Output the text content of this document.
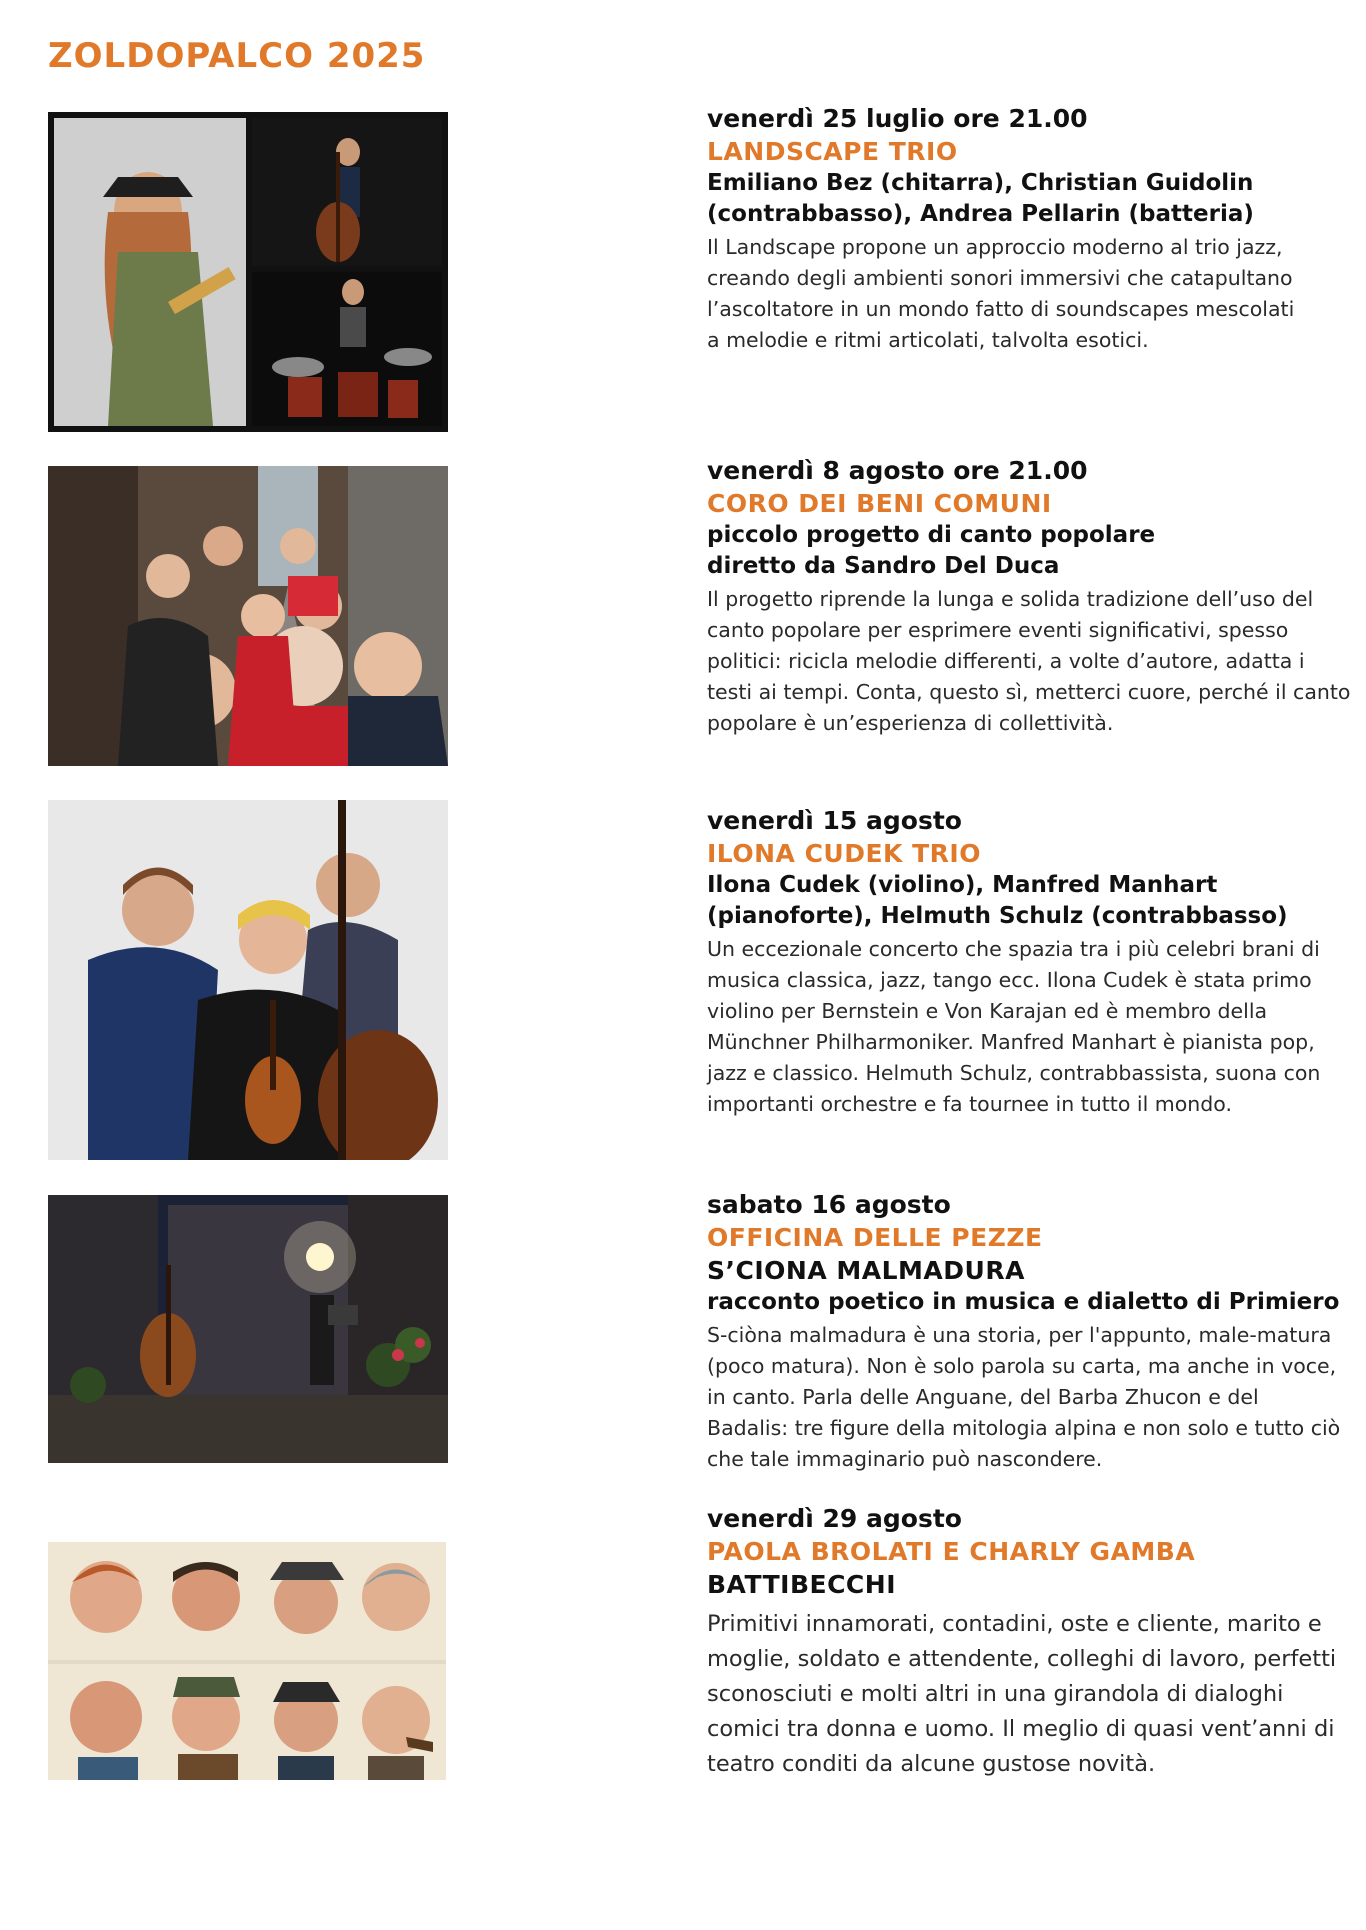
ZOLDOPALCO 2025
venerdì 25 luglio ore 21.00
LANDSCAPE TRIO
Emiliano Bez (chitarra), Christian Guidolin
(contrabbasso), Andrea Pellarin (batteria)
Il Landscape propone un approccio moderno al trio jazz,
creando degli ambienti sonori immersivi che catapultano
l’ascoltatore in un mondo fatto di soundscapes mescolati
a melodie e ritmi articolati, talvolta esotici.
venerdì 8 agosto ore 21.00
CORO DEI BENI COMUNI
piccolo progetto di canto popolare
diretto da Sandro Del Duca
Il progetto riprende la lunga e solida tradizione dell’uso del
canto popolare per esprimere eventi significativi, spesso
politici: ricicla melodie differenti, a volte d’autore, adatta i
testi ai tempi. Conta, questo sì, metterci cuore, perché il canto
popolare è un’esperienza di collettività.
venerdì 15 agosto
ILONA CUDEK TRIO
Ilona Cudek (violino), Manfred Manhart
(pianoforte), Helmuth Schulz (contrabbasso)
Un eccezionale concerto che spazia tra i più celebri brani di
musica classica, jazz, tango ecc. Ilona Cudek è stata primo
violino per Bernstein e Von Karajan ed è membro della
Münchner Philharmoniker. Manfred Manhart è pianista pop,
jazz e classico. Helmuth Schulz, contrabbassista, suona con
importanti orchestre e fa tournee in tutto il mondo.
sabato 16 agosto
OFFICINA DELLE PEZZE
S’CIONA MALMADURA
racconto poetico in musica e dialetto di Primiero
S-ciòna malmadura è una storia, per l'appunto, male-matura
(poco matura). Non è solo parola su carta, ma anche in voce,
in canto. Parla delle Anguane, del Barba Zhucon e del
Badalis: tre figure della mitologia alpina e non solo e tutto ciò
che tale immaginario può nascondere.
venerdì 29 agosto
PAOLA BROLATI E CHARLY GAMBA
BATTIBECCHI
Primitivi innamorati, contadini, oste e cliente, marito e
moglie, soldato e attendente, colleghi di lavoro, perfetti
sconosciuti e molti altri in una girandola di dialoghi
comici tra donna e uomo. Il meglio di quasi vent’anni di
teatro conditi da alcune gustose novità.
